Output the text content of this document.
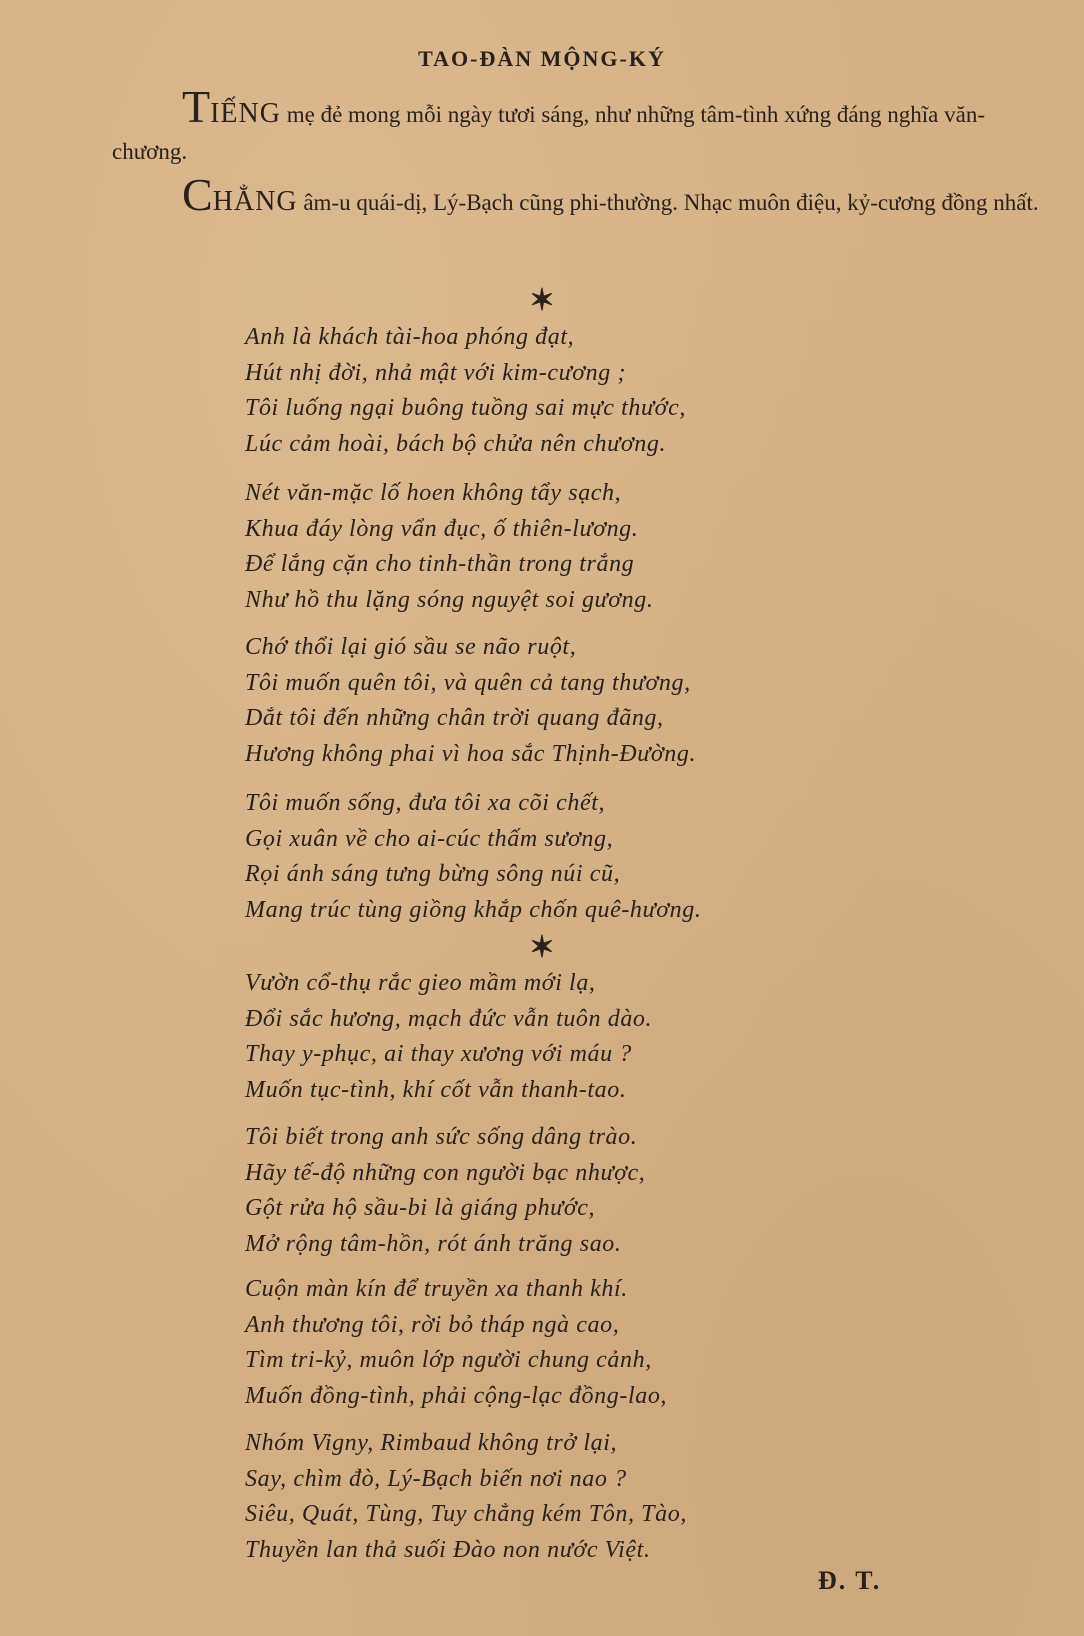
TAO-ĐÀN MỘNG-KÝ

TIẾNG mẹ đẻ mong mỗi ngày tươi sáng, như những tâm-tình xứng đáng nghĩa văn-chương.

CHẲNG âm-u quái-dị, Lý-Bạch cũng phi-thường. Nhạc muôn điệu, kỷ-cương đồng nhất.

✶
Anh là khách tài-hoa phóng đạt,
Hút nhị đời, nhả mật với kim-cương ;
Tôi luống ngại buông tuồng sai mực thước,
Lúc cảm hoài, bách bộ chửa nên chương.
Nét văn-mặc lố hoen không tẩy sạch,
Khua đáy lòng vẩn đục, ố thiên-lương.
Để lắng cặn cho tinh-thần trong trắng
Như hồ thu lặng sóng nguyệt soi gương.
Chớ thổi lại gió sầu se não ruột,
Tôi muốn quên tôi, và quên cả tang thương,
Dắt tôi đến những chân trời quang đãng,
Hương không phai vì hoa sắc Thịnh-Đường.
Tôi muốn sống, đưa tôi xa cõi chết,
Gọi xuân về cho ai-cúc thấm sương,
Rọi ánh sáng tưng bừng sông núi cũ,
Mang trúc tùng giồng khắp chốn quê-hương.
✶
Vườn cổ-thụ rắc gieo mầm mới lạ,
Đổi sắc hương, mạch đức vẫn tuôn dào.
Thay y-phục, ai thay xương với máu ?
Muốn tục-tình, khí cốt vẫn thanh-tao.
Tôi biết trong anh sức sống dâng trào.
Hãy tế-độ những con người bạc nhược,
Gột rửa hộ sầu-bi là giáng phước,
Mở rộng tâm-hồn, rót ánh trăng sao.
Cuộn màn kín để truyền xa thanh khí.
Anh thương tôi, rời bỏ tháp ngà cao,
Tìm tri-kỷ, muôn lớp người chung cảnh,
Muốn đồng-tình, phải cộng-lạc đồng-lao,
Nhóm Vigny, Rimbaud không trở lại,
Say, chìm đò, Lý-Bạch biến nơi nao ?
Siêu, Quát, Tùng, Tuy chẳng kém Tôn, Tào,
Thuyền lan thả suối Đào non nước Việt.
Đ. T.
